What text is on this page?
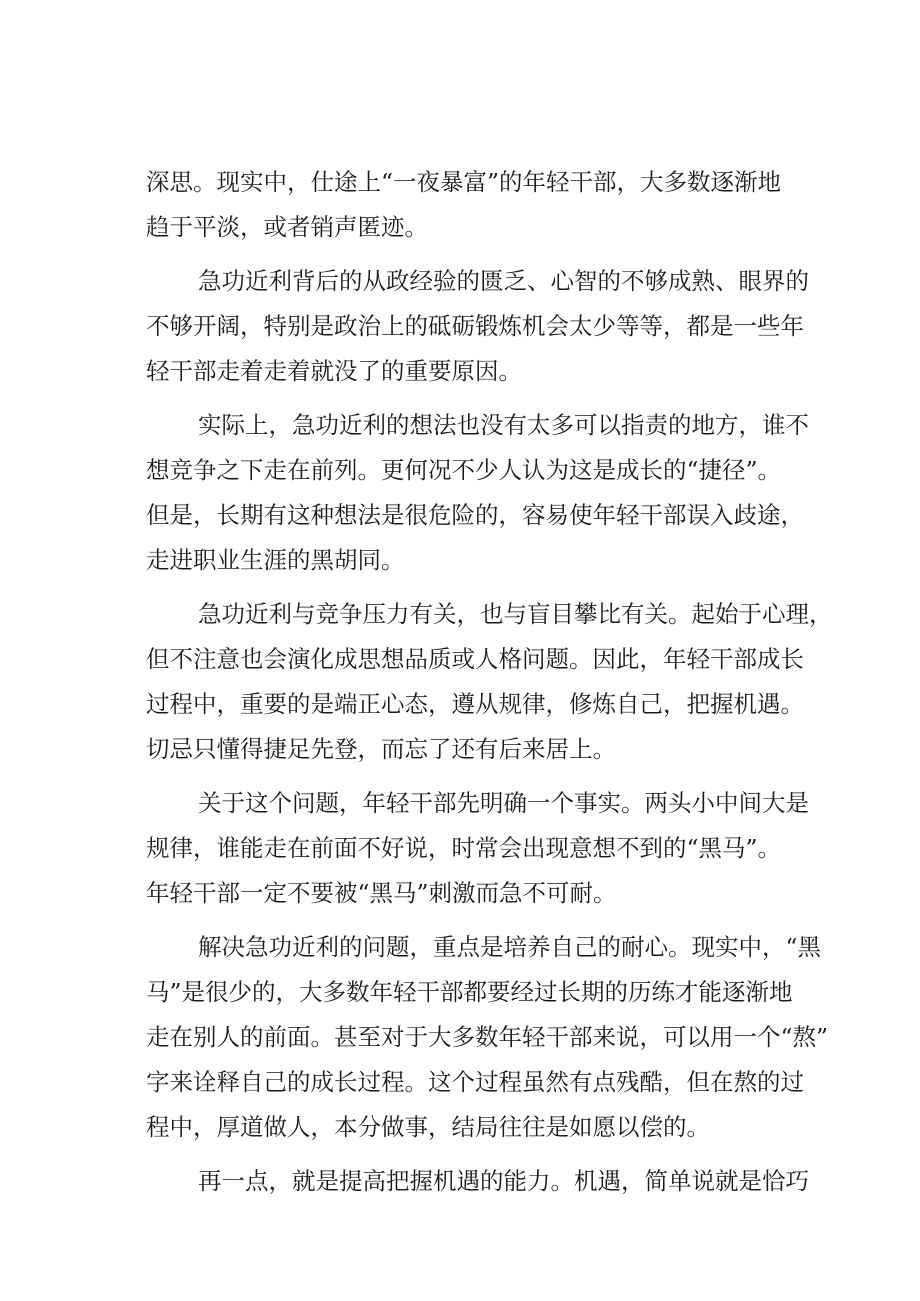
深思。现实中，仕途上“一夜暴富”的年轻干部，大多数逐渐地
趋于平淡，或者销声匿迹。
急功近利背后的从政经验的匮乏、心智的不够成熟、眼界的
不够开阔，特别是政治上的砥砺锻炼机会太少等等，都是一些年
轻干部走着走着就没了的重要原因。
实际上，急功近利的想法也没有太多可以指责的地方，谁不
想竞争之下走在前列。更何况不少人认为这是成长的“捷径”。
但是，长期有这种想法是很危险的，容易使年轻干部误入歧途，
走进职业生涯的黑胡同。
急功近利与竞争压力有关，也与盲目攀比有关。起始于心理，
但不注意也会演化成思想品质或人格问题。因此，年轻干部成长
过程中，重要的是端正心态，遵从规律，修炼自己，把握机遇。
切忌只懂得捷足先登，而忘了还有后来居上。
关于这个问题，年轻干部先明确一个事实。两头小中间大是
规律，谁能走在前面不好说，时常会出现意想不到的“黑马”。
年轻干部一定不要被“黑马”刺激而急不可耐。
解决急功近利的问题，重点是培养自己的耐心。现实中，“黑
马”是很少的，大多数年轻干部都要经过长期的历练才能逐渐地
走在别人的前面。甚至对于大多数年轻干部来说，可以用一个“熬”
字来诠释自己的成长过程。这个过程虽然有点残酷，但在熬的过
程中，厚道做人，本分做事，结局往往是如愿以偿的。
再一点，就是提高把握机遇的能力。机遇，简单说就是恰巧
